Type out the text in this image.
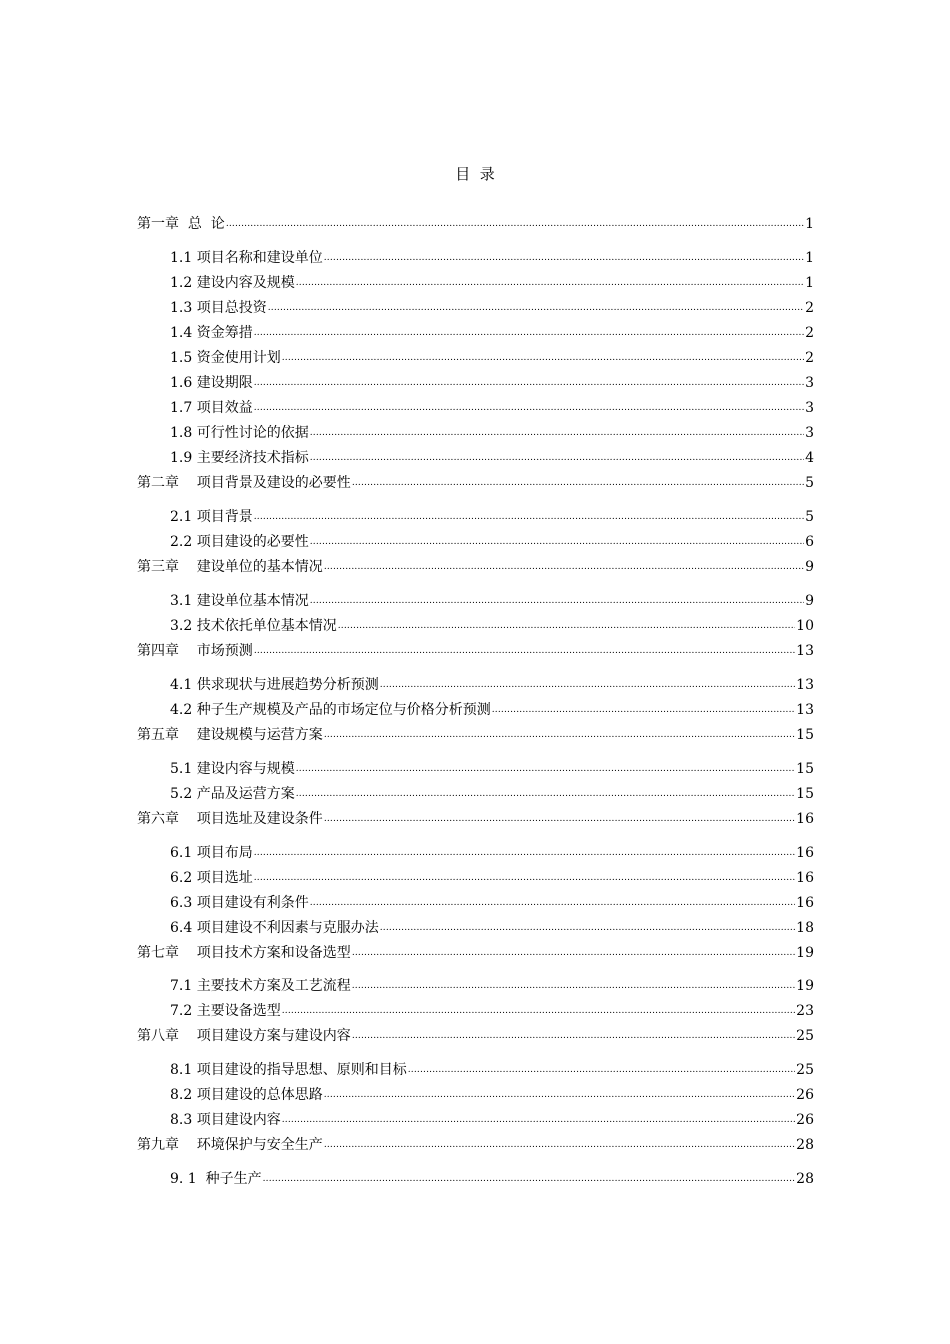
目  录
第一章  总  论 .....	1
1.1 项目名称和建设单位 .....	1
1.2 建设内容及规模 .....	1
1.3 项目总投资 .....	2
1.4 资金筹措 .....	2
1.5 资金使用计划 .....	2
1.6 建设期限 .....	3
1.7 项目效益 .....	3
1.8 可行性讨论的依据 .....	3
1.9 主要经济技术指标 .....	4
第二章    项目背景及建设的必要性 .....	5
2.1 项目背景 .....	5
2.2 项目建设的必要性 .....	6
第三章    建设单位的基本情况 .....	9
3.1 建设单位基本情况 .....	9
3.2 技术依托单位基本情况 .....	10
第四章    市场预测 .....	13
4.1 供求现状与进展趋势分析预测 .....	13
4.2 种子生产规模及产品的市场定位与价格分析预测 .....	13
第五章    建设规模与运营方案 .....	15
5.1 建设内容与规模 .....	15
5.2 产品及运营方案 .....	15
第六章    项目选址及建设条件 .....	16
6.1 项目布局 .....	16
6.2 项目选址 .....	16
6.3 项目建设有利条件 .....	16
6.4 项目建设不利因素与克服办法 .....	18
第七章    项目技术方案和设备选型 .....	19
7.1 主要技术方案及工艺流程 .....	19
7.2 主要设备选型 .....	23
第八章    项目建设方案与建设内容 .....	25
8.1 项目建设的指导思想、原则和目标 .....	25
8.2 项目建设的总体思路 .....	26
8.3 项目建设内容 .....	26
第九章    环境保护与安全生产 .....	28
9. 1  种子生产 .....	28
